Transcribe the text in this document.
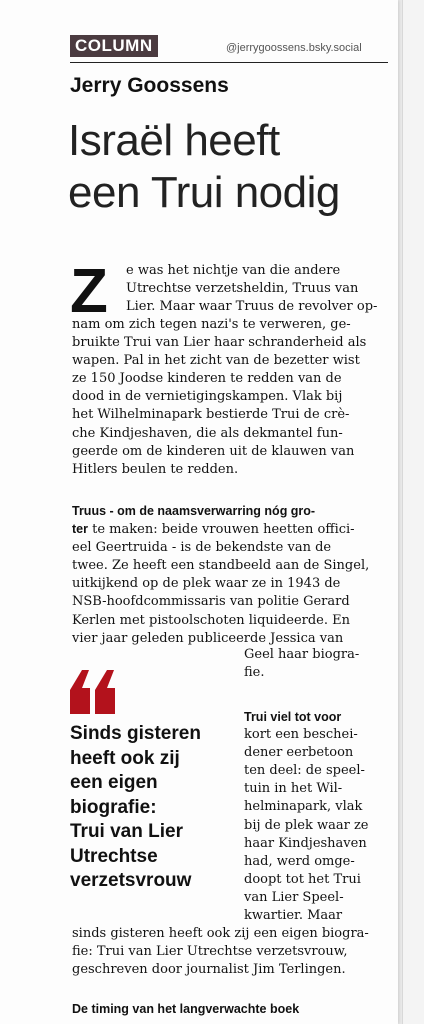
COLUMN	@jerrygoossens.bsky.social
Jerry Goossens
Israël heeft
een Trui nodig
Z e was het nichtje van die andere
Utrechtse verzetsheldin, Truus van
Lier. Maar waar Truus de revolver op-

nam om zich tegen nazi's te verweren, ge-
bruikte Trui van Lier haar schranderheid als
wapen. Pal in het zicht van de bezetter wist
ze 150 Joodse kinderen te redden van de
dood in de vernietigingskampen. Vlak bij
het Wilhelminapark bestierde Trui de crè-
che Kindjeshaven, die als dekmantel fun-
geerde om de kinderen uit de klauwen van
Hitlers beulen te redden.

Truus - om de naamsverwarring nóg gro-
ter te maken: beide vrouwen heetten offici-
eel Geertruida - is de bekendste van de
twee. Ze heeft een standbeeld aan de Singel,
uitkijkend op de plek waar ze in 1943 de
NSB-hoofdcommissaris van politie Gerard
Kerlen met pistoolschoten liquideerde. En
vier jaar geleden publiceerde Jessica van

Geel haar biogra-
fie.

Sinds gisteren
heeft ook zij
een eigen
biografie:
Trui van Lier
Utrechtse
verzetsvrouw

Trui viel tot voor
kort een beschei-
dener eerbetoon
ten deel: de speel-
tuin in het Wil-
helminapark, vlak
bij de plek waar ze
haar Kindjeshaven
had, werd omge-
doopt tot het Trui
van Lier Speel-
kwartier. Maar

sinds gisteren heeft ook zij een eigen biogra-
fie: Trui van Lier Utrechtse verzetsvrouw,
geschreven door journalist Jim Terlingen.

De timing van het langverwachte boek
